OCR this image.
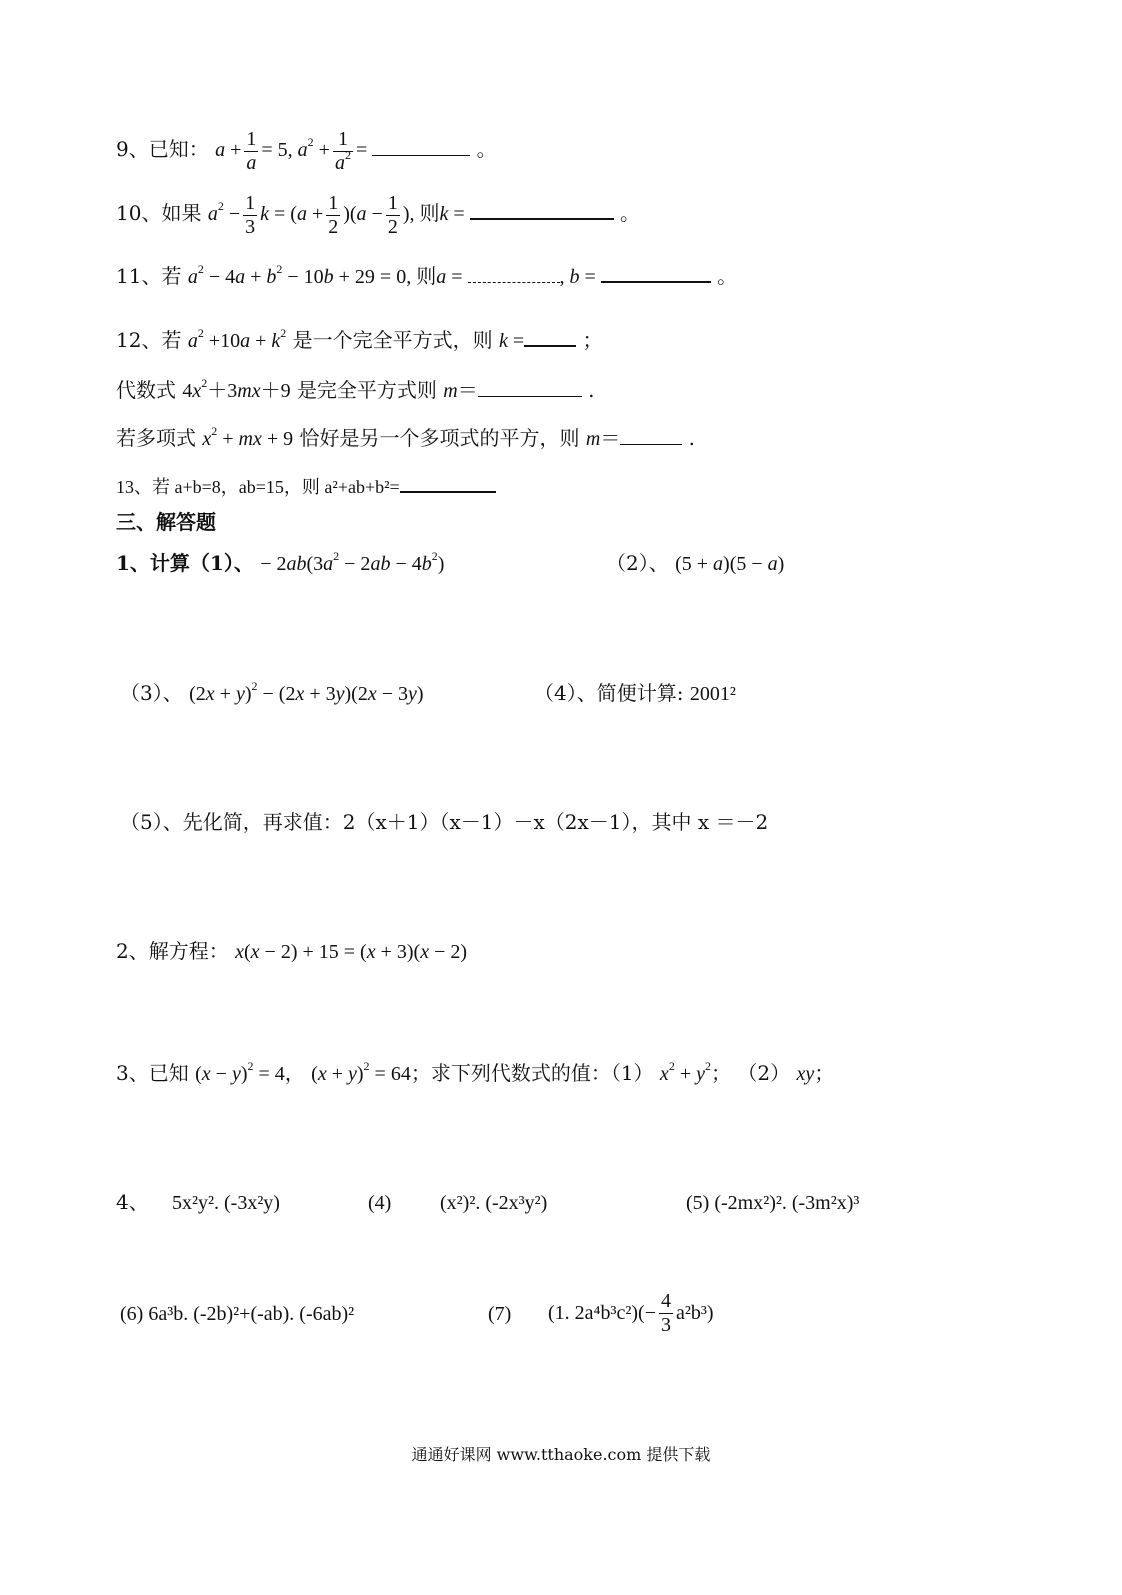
9、已知： $a + \frac{1}{a} = 5$, $a^2 + \frac{1}{a^2}$ =	。
10、如果 $a^2 - \frac{1}{3}$ $k = (a + \frac{1}{2} )(a - \frac{1}{2}$ ), 则k =	。
11、若 $a^2 - 4a + b^2 - 10b + 29 = 0$, 则a =	, b =	。
12、若 $a^2 +10a + k^2$ 是一个完全平方式，则 k =	；
代数式 $4x^2+3mx+9$ 是完全平方式则 m＝	.
若多项式 $x^2$ + mx + 9 恰好是另一个多项式的平方，则 m＝	.
13、若 a+b=8，ab=15，则 a²+ab+b²=
三、解答题
1、计算（1）、 − $2ab(3a^2 - 2ab - 4b^2)$	（2）、 (5 + a)(5 − a)
（3）、 $(2x + y)^2 - (2x + 3y)(2x - 3y)$	（4）、简便计算: 2001²
（5）、先化简，再求值：2（x＋1）（x－1）－x（2x－1），其中 x ＝－2
2、解方程： x(x − 2) + 15 = (x + 3)(x − 2)
3、已知 $(x - y)^2 = 4$， $(x + y)^2 = 64$；求下列代数式的值：（1） $x^2 + y^2$； （2） xy；
4、 5x²y². (-3x²y)	(4) (x²)². (-2x³y²)	(5) (-2mx²)². (-3m²x)³
(6) 6a³b. (-2b)²+(-ab). (-6ab)²	(7) (1. $2a^4b^3c^2)(- \frac{4}{3} a^2b^3)$
通通好课网 www.tthaoke.com 提供下载
